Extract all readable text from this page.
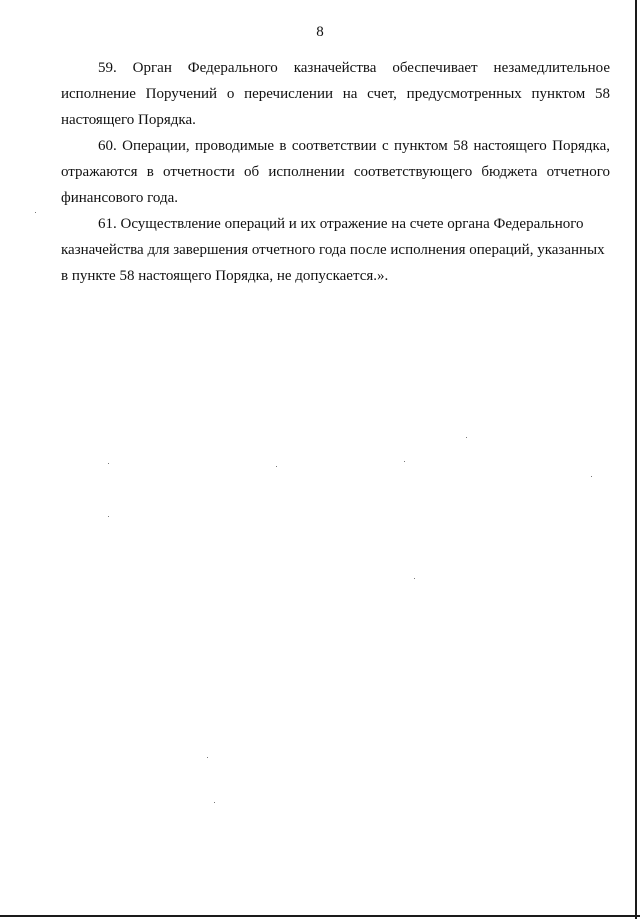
8

59. Орган Федерального казначейства обеспечивает незамедлительное исполнение Поручений о перечислении на счет, предусмотренных пунктом 58 настоящего Порядка.

60. Операции, проводимые в соответствии с пунктом 58 настоящего Порядка, отражаются в отчетности об исполнении соответствующего бюджета отчетного финансового года.

61. Осуществление операций и их отражение на счете органа Федерального казначейства для завершения отчетного года после исполнения операций, указанных в пункте 58 настоящего Порядка, не допускается.».
